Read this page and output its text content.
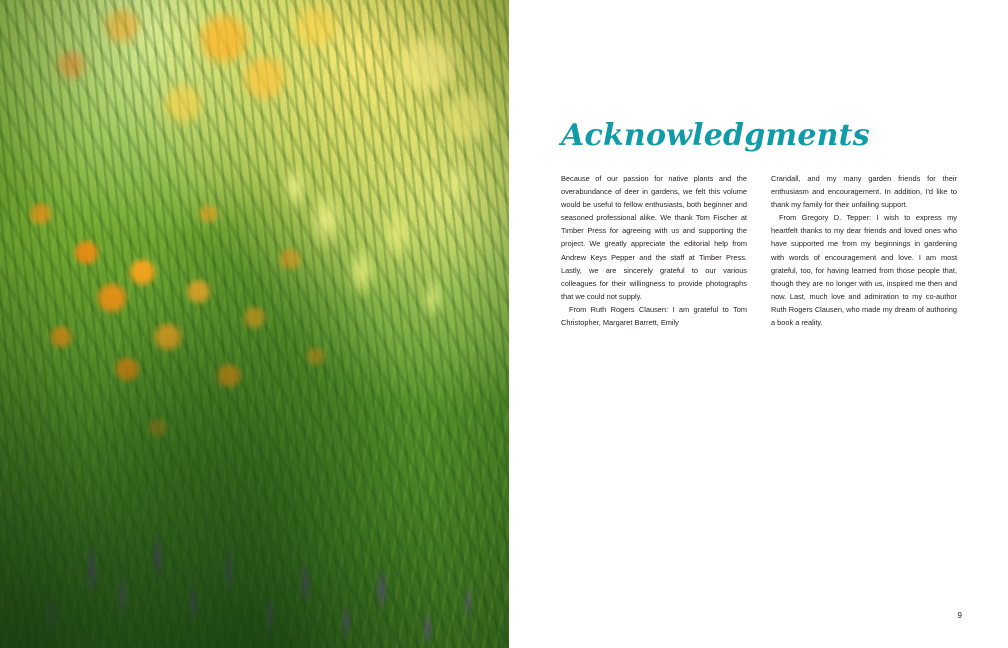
Acknowledgments

Because of our passion for native plants and the overabundance of deer in gardens, we felt this volume would be useful to fellow enthusiasts, both beginner and seasoned professional alike. We thank Tom Fischer at Timber Press for agreeing with us and supporting the project. We greatly appreciate the editorial help from Andrew Keys Pepper and the staff at Timber Press. Lastly, we are sincerely grateful to our various colleagues for their willingness to provide photographs that we could not supply.

From Ruth Rogers Clausen: I am grateful to Tom Christopher, Margaret Barrett, Emily

Crandall, and my many garden friends for their enthusiasm and encouragement. In addition, I'd like to thank my family for their unfailing support.

From Gregory D. Tepper: I wish to express my heartfelt thanks to my dear friends and loved ones who have supported me from my beginnings in gardening with words of encouragement and love. I am most grateful, too, for having learned from those people that, though they are no longer with us, inspired me then and now. Last, much love and admiration to my co-author Ruth Rogers Clausen, who made my dream of authoring a book a reality.

9
